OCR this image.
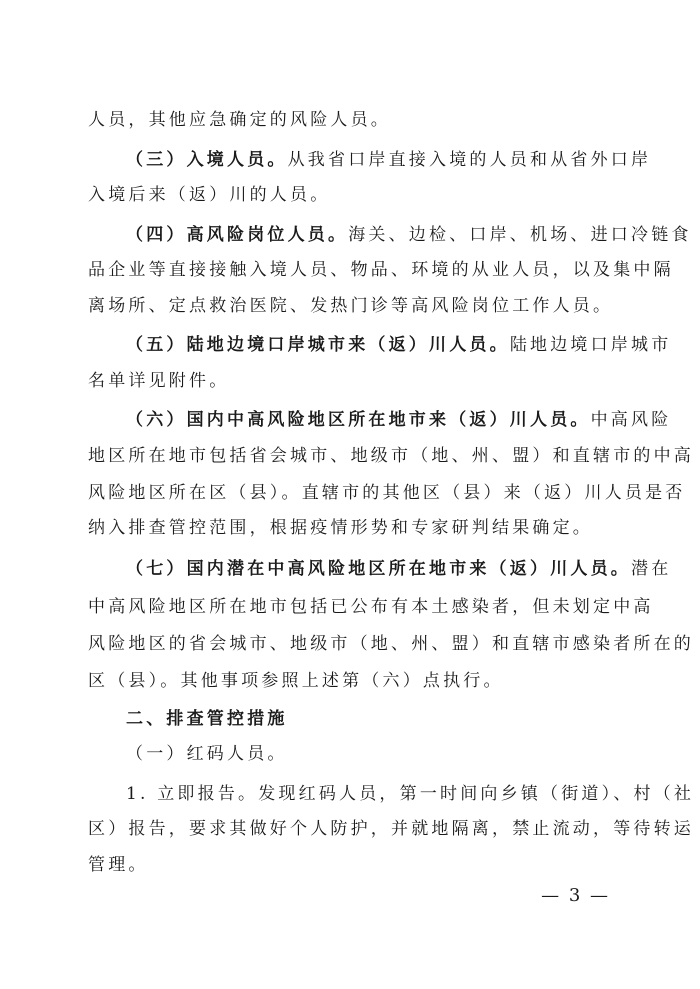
人员，其他应急确定的风险人员。
（三）入境人员。从我省口岸直接入境的人员和从省外口岸
入境后来（返）川的人员。
（四）高风险岗位人员。海关、边检、口岸、机场、进口冷链食
品企业等直接接触入境人员、物品、环境的从业人员，以及集中隔
离场所、定点救治医院、发热门诊等高风险岗位工作人员。
（五）陆地边境口岸城市来（返）川人员。陆地边境口岸城市
名单详见附件。
（六）国内中高风险地区所在地市来（返）川人员。中高风险
地区所在地市包括省会城市、地级市（地、州、盟）和直辖市的中高
风险地区所在区（县）。直辖市的其他区（县）来（返）川人员是否
纳入排查管控范围，根据疫情形势和专家研判结果确定。
（七）国内潜在中高风险地区所在地市来（返）川人员。潜在
中高风险地区所在地市包括已公布有本土感染者，但未划定中高
风险地区的省会城市、地级市（地、州、盟）和直辖市感染者所在的
区（县）。其他事项参照上述第（六）点执行。
二、排查管控措施
（一）红码人员。
1. 立即报告。发现红码人员，第一时间向乡镇（街道）、村（社
区）报告，要求其做好个人防护，并就地隔离，禁止流动，等待转运
管理。
— 3 —
